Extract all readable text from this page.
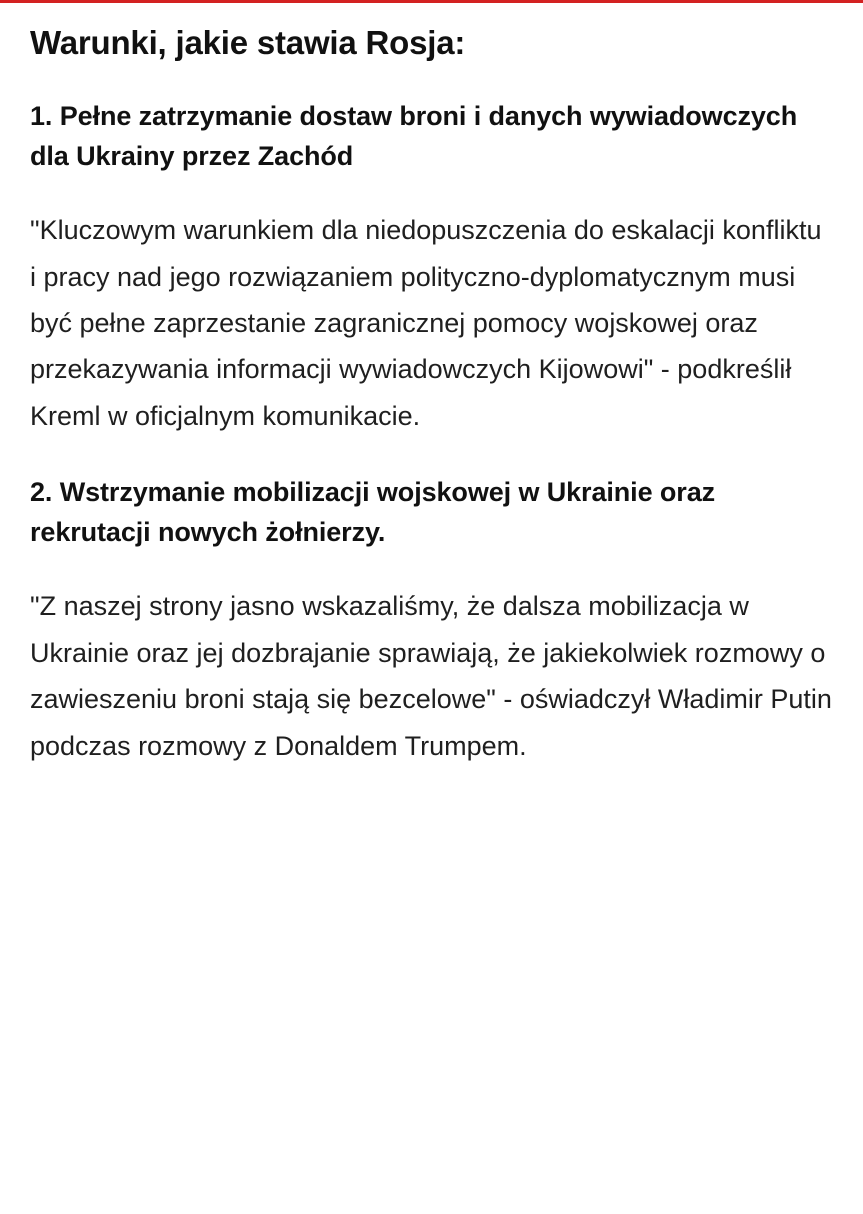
Warunki, jakie stawia Rosja:
1. Pełne zatrzymanie dostaw broni i danych wywiadowczych dla Ukrainy przez Zachód

"Kluczowym warunkiem dla niedopuszczenia do eskalacji konfliktu i pracy nad jego rozwiązaniem polityczno-dyplomatycznym musi być pełne zaprzestanie zagranicznej pomocy wojskowej oraz przekazywania informacji wywiadowczych Kijowowi" - podkreślił Kreml w oficjalnym komunikacie.

2. Wstrzymanie mobilizacji wojskowej w Ukrainie oraz rekrutacji nowych żołnierzy.

"Z naszej strony jasno wskazaliśmy, że dalsza mobilizacja w Ukrainie oraz jej dozbrajanie sprawiają, że jakiekolwiek rozmowy o zawieszeniu broni stają się bezcelowe" - oświadczył Władimir Putin podczas rozmowy z Donaldem Trumpem.
